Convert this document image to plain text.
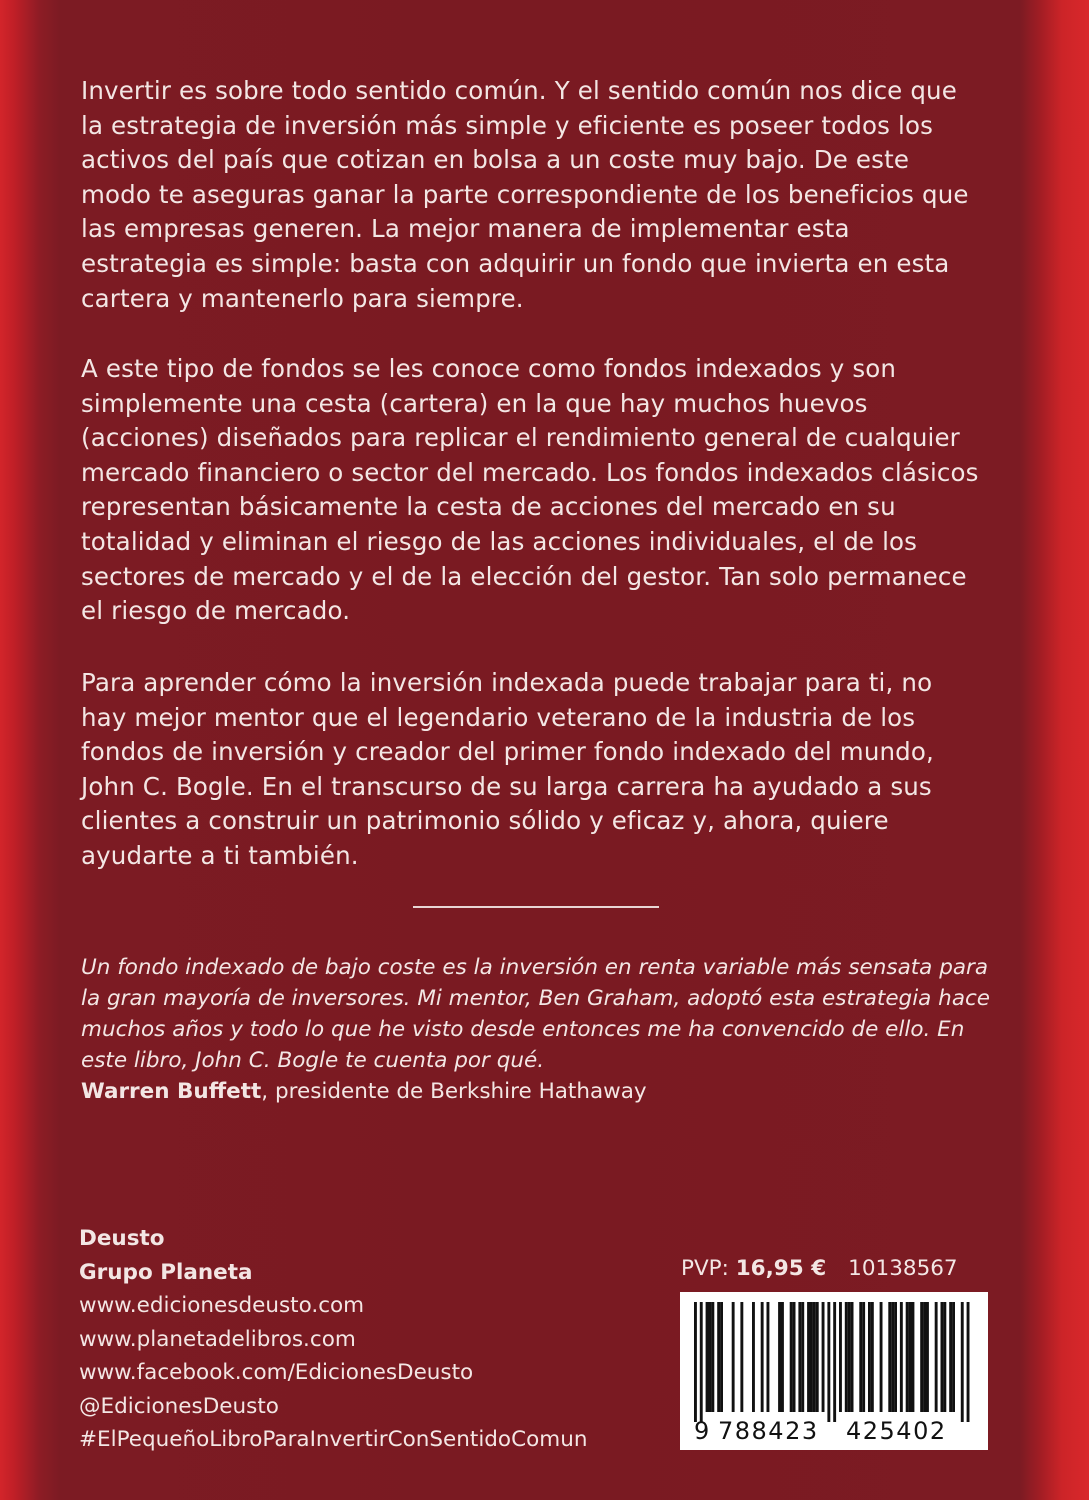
Invertir es sobre todo sentido común. Y el sentido común nos dice que la estrategia de inversión más simple y eficiente es poseer todos los activos del país que cotizan en bolsa a un coste muy bajo. De este modo te aseguras ganar la parte correspondiente de los beneficios que las empresas generen. La mejor manera de implementar esta estrategia es simple: basta con adquirir un fondo que invierta en esta cartera y mantenerlo para siempre.

A este tipo de fondos se les conoce como fondos indexados y son simplemente una cesta (cartera) en la que hay muchos huevos (acciones) diseñados para replicar el rendimiento general de cualquier mercado financiero o sector del mercado. Los fondos indexados clásicos representan básicamente la cesta de acciones del mercado en su totalidad y eliminan el riesgo de las acciones individuales, el de los sectores de mercado y el de la elección del gestor. Tan solo permanece el riesgo de mercado.

Para aprender cómo la inversión indexada puede trabajar para ti, no hay mejor mentor que el legendario veterano de la industria de los fondos de inversión y creador del primer fondo indexado del mundo, John C. Bogle. En el transcurso de su larga carrera ha ayudado a sus clientes a construir un patrimonio sólido y eficaz y, ahora, quiere ayudarte a ti también.

Un fondo indexado de bajo coste es la inversión en renta variable más sensata para la gran mayoría de inversores. Mi mentor, Ben Graham, adoptó esta estrategia hace muchos años y todo lo que he visto desde entonces me ha convencido de ello. En este libro, John C. Bogle te cuenta por qué.

Warren Buffett, presidente de Berkshire Hathaway

Deusto
Grupo Planeta
www.edicionesdeusto.com
www.planetadelibros.com
www.facebook.com/EdicionesDeusto
@EdicionesDeusto
#ElPequeñoLibroParaInvertirConSentidoComun
PVP: 16,95 € 10138567
9 788423 425402
